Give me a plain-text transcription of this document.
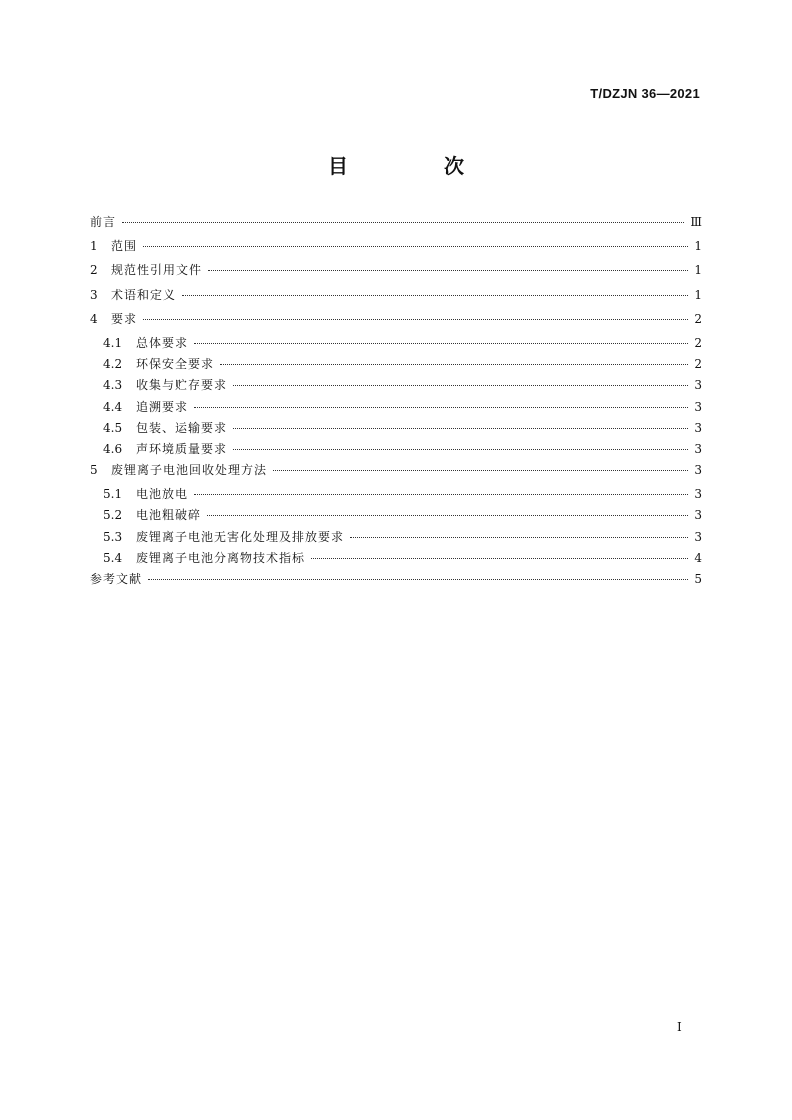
T/DZJN 36—2021
目　次
前言	Ⅲ
1	范围	1
2	规范性引用文件	1
3	术语和定义	1
4	要求	2
4.1	总体要求	2
4.2	环保安全要求	2
4.3	收集与贮存要求	3
4.4	追溯要求	3
4.5	包装、运输要求	3
4.6	声环境质量要求	3
5	废锂离子电池回收处理方法	3
5.1	电池放电	3
5.2	电池粗破碎	3
5.3	废锂离子电池无害化处理及排放要求	3
5.4	废锂离子电池分离物技术指标	4
参考文献	5
I
